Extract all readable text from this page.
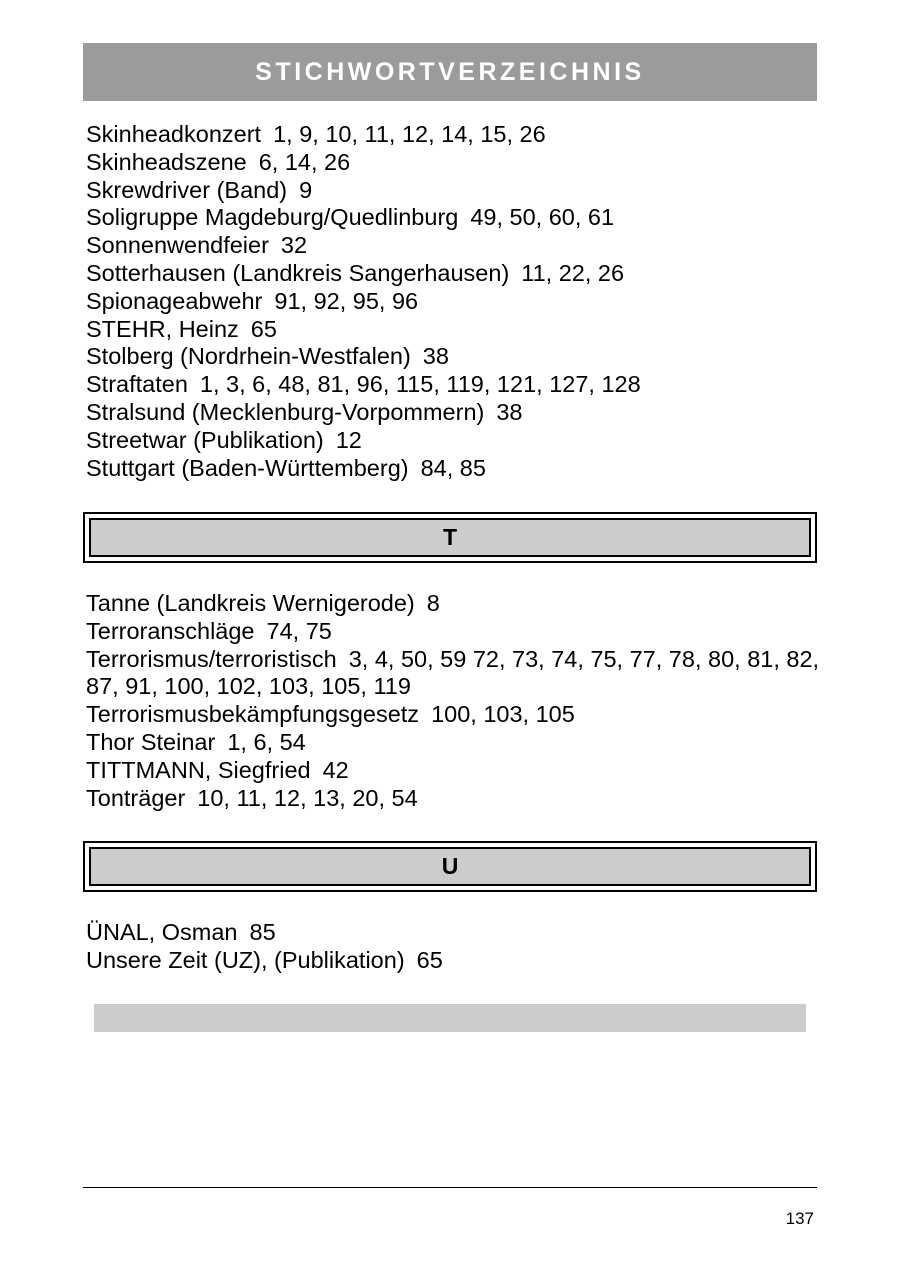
STICHWORTVERZEICHNIS

Skinheadkonzert 1, 9, 10, 11, 12, 14, 15, 26

Skinheadszene 6, 14, 26

Skrewdriver (Band) 9

Soligruppe Magdeburg/Quedlinburg 49, 50, 60, 61

Sonnenwendfeier 32

Sotterhausen (Landkreis Sangerhausen) 11, 22, 26

Spionageabwehr 91, 92, 95, 96

STEHR, Heinz 65

Stolberg (Nordrhein-Westfalen) 38

Straftaten 1, 3, 6, 48, 81, 96, 115, 119, 121, 127, 128

Stralsund (Mecklenburg-Vorpommern) 38

Streetwar (Publikation) 12

Stuttgart (Baden-Württemberg) 84, 85

T

Tanne (Landkreis Wernigerode) 8

Terroranschläge 74, 75

Terrorismus/terroristisch 3, 4, 50, 59 72, 73, 74, 75, 77, 78, 80, 81, 82, 87, 91, 100, 102, 103, 105, 119

Terrorismusbekämpfungsgesetz 100, 103, 105

Thor Steinar 1, 6, 54

TITTMANN, Siegfried 42

Tonträger 10, 11, 12, 13, 20, 54

U

ÜNAL, Osman 85

Unsere Zeit (UZ), (Publikation) 65

137
